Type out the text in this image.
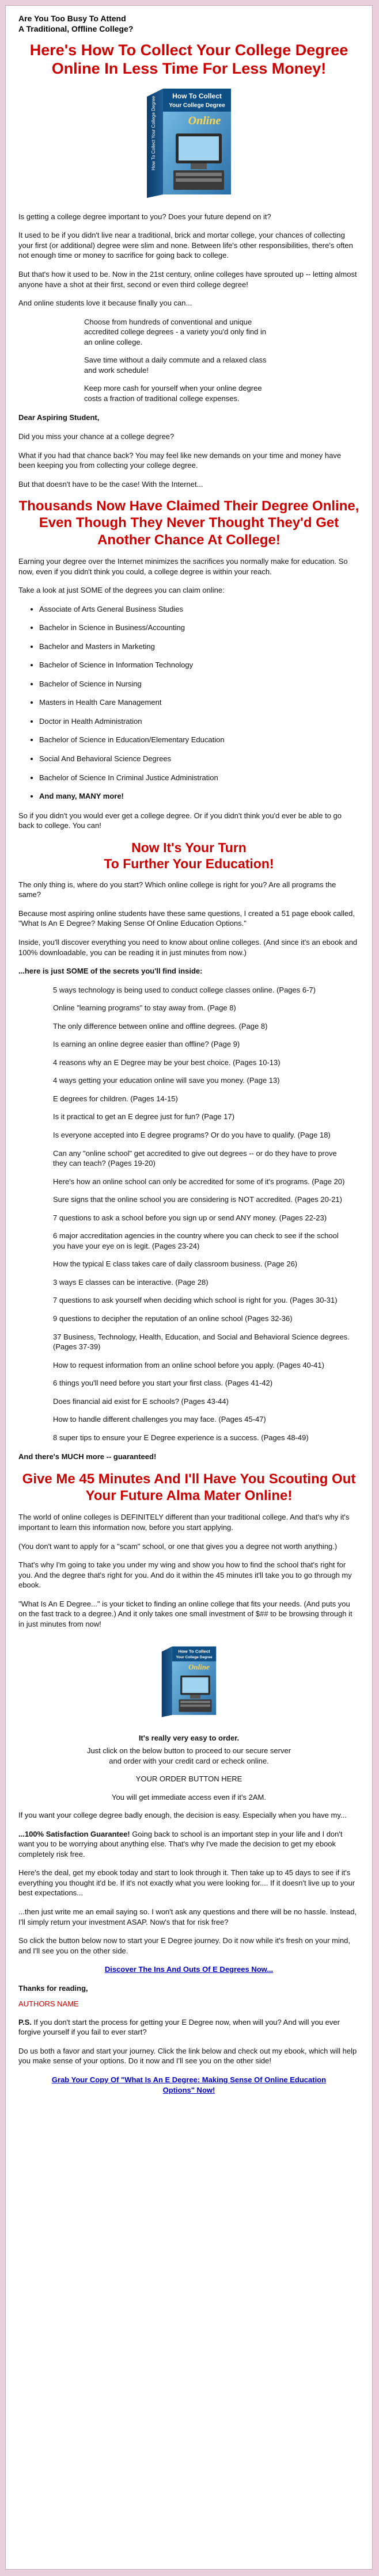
Are You Too Busy To Attend
A Traditional, Offline College?
Here's How To Collect Your College Degree Online In Less Time For Less Money!
How To Collect
Your College Degree
Online
How To Collect Your College Degree

Is getting a college degree important to you? Does your future depend on it?

It used to be if you didn't live near a traditional, brick and mortar college, your chances of collecting your first (or additional) degree were slim and none. Between life's other responsibilities, there's often not enough time or money to sacrifice for going back to college.

But that's how it used to be. Now in the 21st century, online colleges have sprouted up -- letting almost anyone have a shot at their first, second or even third college degree!

And online students love it because finally you can...

Choose from hundreds of conventional and unique accredited college degrees - a variety you'd only find in an online college.

Save time without a daily commute and a relaxed class and work schedule!

Keep more cash for yourself when your online degree costs a fraction of traditional college expenses.

Dear Aspiring Student,

Did you miss your chance at a college degree?

What if you had that chance back? You may feel like new demands on your time and money have been keeping you from collecting your college degree.

But that doesn't have to be the case! With the Internet...

Thousands Now Have Claimed Their Degree Online, Even Though They Never Thought They'd Get Another Chance At College!

Earning your degree over the Internet minimizes the sacrifices you normally make for education. So now, even if you didn't think you could, a college degree is within your reach.

Take a look at just SOME of the degrees you can claim online:

• Associate of Arts General Business Studies
• Bachelor in Science in Business/Accounting
• Bachelor and Masters in Marketing
• Bachelor of Science in Information Technology
• Bachelor of Science in Nursing
• Masters in Health Care Management
• Doctor in Health Administration
• Bachelor of Science in Education/Elementary Education
• Social And Behavioral Science Degrees
• Bachelor of Science In Criminal Justice Administration
• And many, MANY more!

So if you didn't you would ever get a college degree. Or if you didn't think you'd ever be able to go back to college. You can!

Now It's Your Turn
To Further Your Education!

The only thing is, where do you start? Which online college is right for you? Are all programs the same?

Because most aspiring online students have these same questions, I created a 51 page ebook called, "What Is An E Degree? Making Sense Of Online Education Options."

Inside, you'll discover everything you need to know about online colleges. (And since it's an ebook and 100% downloadable, you can be reading it in just minutes from now.)

...here is just SOME of the secrets you'll find inside:

5 ways technology is being used to conduct college classes online. (Pages 6-7)
Online "learning programs" to stay away from. (Page 8)
The only difference between online and offline degrees. (Page 8)
Is earning an online degree easier than offline? (Page 9)
4 reasons why an E Degree may be your best choice. (Pages 10-13)
4 ways getting your education online will save you money. (Page 13)
E degrees for children. (Pages 14-15)
Is it practical to get an E degree just for fun? (Page 17)
Is everyone accepted into E degree programs? Or do you have to qualify. (Page 18)
Can any "online school" get accredited to give out degrees -- or do they have to prove they can teach? (Pages 19-20)
Here's how an online school can only be accredited for some of it's programs. (Page 20)
Sure signs that the online school you are considering is NOT accredited. (Pages 20-21)
7 questions to ask a school before you sign up or send ANY money. (Pages 22-23)
6 major accreditation agencies in the country where you can check to see if the school you have your eye on is legit. (Pages 23-24)
How the typical E class takes care of daily classroom business. (Page 26)
3 ways E classes can be interactive. (Page 28)
7 questions to ask yourself when deciding which school is right for you. (Pages 30-31)
9 questions to decipher the reputation of an online school (Pages 32-36)
37 Business, Technology, Health, Education, and Social and Behavioral Science degrees. (Pages 37-39)
How to request information from an online school before you apply. (Pages 40-41)
6 things you'll need before you start your first class. (Pages 41-42)
Does financial aid exist for E schools? (Pages 43-44)
How to handle different challenges you may face. (Pages 45-47)
8 super tips to ensure your E Degree experience is a success. (Pages 48-49)

And there's MUCH more -- guaranteed!

Give Me 45 Minutes And I'll Have You Scouting Out Your Future Alma Mater Online!

The world of online colleges is DEFINITELY different than your traditional college. And that's why it's important to learn this information now, before you start applying.

(You don't want to apply for a "scam" school, or one that gives you a degree not worth anything.)

That's why I'm going to take you under my wing and show you how to find the school that's right for you. And the degree that's right for you. And do it within the 45 minutes it'll take you to go through my ebook.

"What Is An E Degree..." is your ticket to finding an online college that fits your needs. (And puts you on the fast track to a degree.) And it only takes one small investment of $## to be browsing through it in just minutes from now!

How To Collect
Your College Degree
Online

It's really very easy to order.

Just click on the below button to proceed to our secure server
and order with your credit card or echeck online.
YOUR ORDER BUTTON HERE
You will get immediate access even if it's 2AM.

If you want your college degree badly enough, the decision is easy. Especially when you have my...

...100% Satisfaction Guarantee! Going back to school is an important step in your life and I don't want you to be worrying about anything else. That's why I've made the decision to get my ebook completely risk free.

Here's the deal, get my ebook today and start to look through it. Then take up to 45 days to see if it's everything you thought it'd be. If it's not exactly what you were looking for.... If it doesn't live up to your best expectations...

...then just write me an email saying so. I won't ask any questions and there will be no hassle. Instead, I'll simply return your investment ASAP. Now's that for risk free?

So click the button below now to start your E Degree journey. Do it now while it's fresh on your mind, and I'll see you on the other side.

Discover The Ins And Outs Of E Degrees Now...

Thanks for reading,

AUTHORS NAME

P.S. If you don't start the process for getting your E Degree now, when will you? And will you ever forgive yourself if you fail to ever start?

Do us both a favor and start your journey. Click the link below and check out my ebook, which will help you make sense of your options. Do it now and I'll see you on the other side!

Grab Your Copy Of "What Is An E Degree: Making Sense Of Online Education Options" Now!
